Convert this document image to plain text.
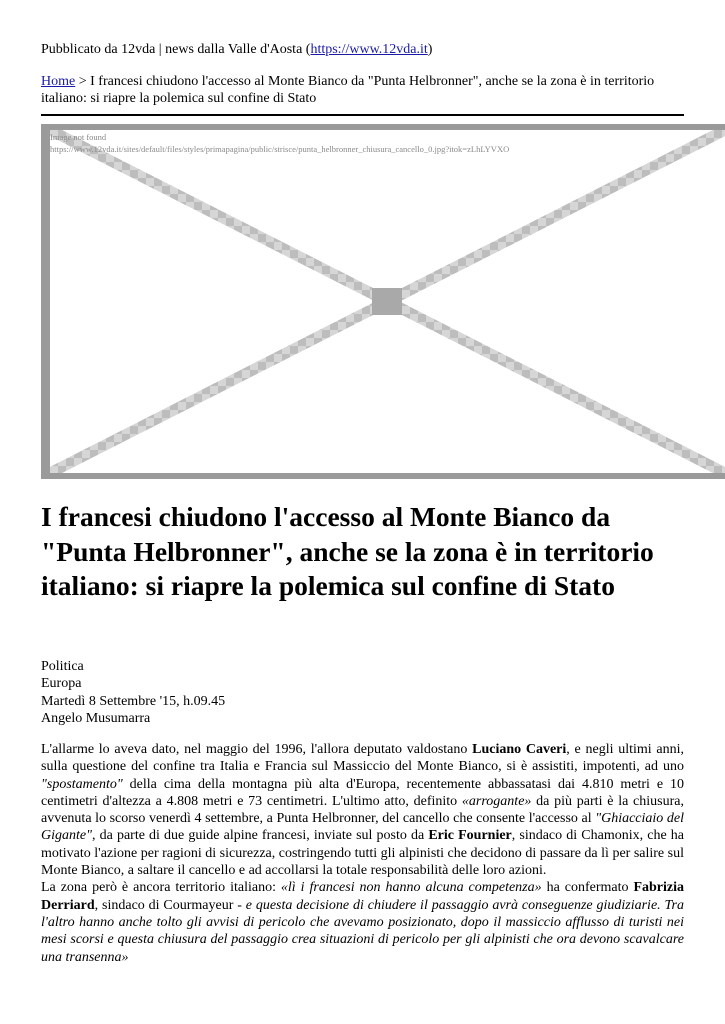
Pubblicato da 12vda | news dalla Valle d'Aosta (https://www.12vda.it)
Home > I francesi chiudono l'accesso al Monte Bianco da "Punta Helbronner", anche se la zona è in territorio italiano: si riapre la polemica sul confine di Stato
Image not found
https://www.12vda.it/sites/default/files/styles/primapagina/public/strisce/punta_helbronner_chiusura_cancello_0.jpg?itok=zLhLYVXO
I francesi chiudono l'accesso al Monte Bianco da "Punta Helbronner", anche se la zona è in territorio italiano: si riapre la polemica sul confine di Stato
Politica
Europa
Martedì 8 Settembre '15, h.09.45
Angelo Musumarra

L'allarme lo aveva dato, nel maggio del 1996, l'allora deputato valdostano Luciano Caveri, e negli ultimi anni, sulla questione del confine tra Italia e Francia sul Massiccio del Monte Bianco, si è assistiti, impotenti, ad uno "spostamento" della cima della montagna più alta d'Europa, recentemente abbassatasi dai 4.810 metri e 10 centimetri d'altezza a 4.808 metri e 73 centimetri. L'ultimo atto, definito «arrogante» da più parti è la chiusura, avvenuta lo scorso venerdì 4 settembre, a Punta Helbronner, del cancello che consente l'accesso al "Ghiacciaio del Gigante", da parte di due guide alpine francesi, inviate sul posto da Eric Fournier, sindaco di Chamonix, che ha motivato l'azione per ragioni di sicurezza, costringendo tutti gli alpinisti che decidono di passare da lì per salire sul Monte Bianco, a saltare il cancello e ad accollarsi la totale responsabilità delle loro azioni.

La zona però è ancora territorio italiano: «lì i francesi non hanno alcuna competenza» ha confermato Fabrizia Derriard, sindaco di Courmayeur - e questa decisione di chiudere il passaggio avrà conseguenze giudiziarie. Tra l'altro hanno anche tolto gli avvisi di pericolo che avevamo posizionato, dopo il massiccio afflusso di turisti nei mesi scorsi e questa chiusura del passaggio crea situazioni di pericolo per gli alpinisti che ora devono scavalcare una transenna»
